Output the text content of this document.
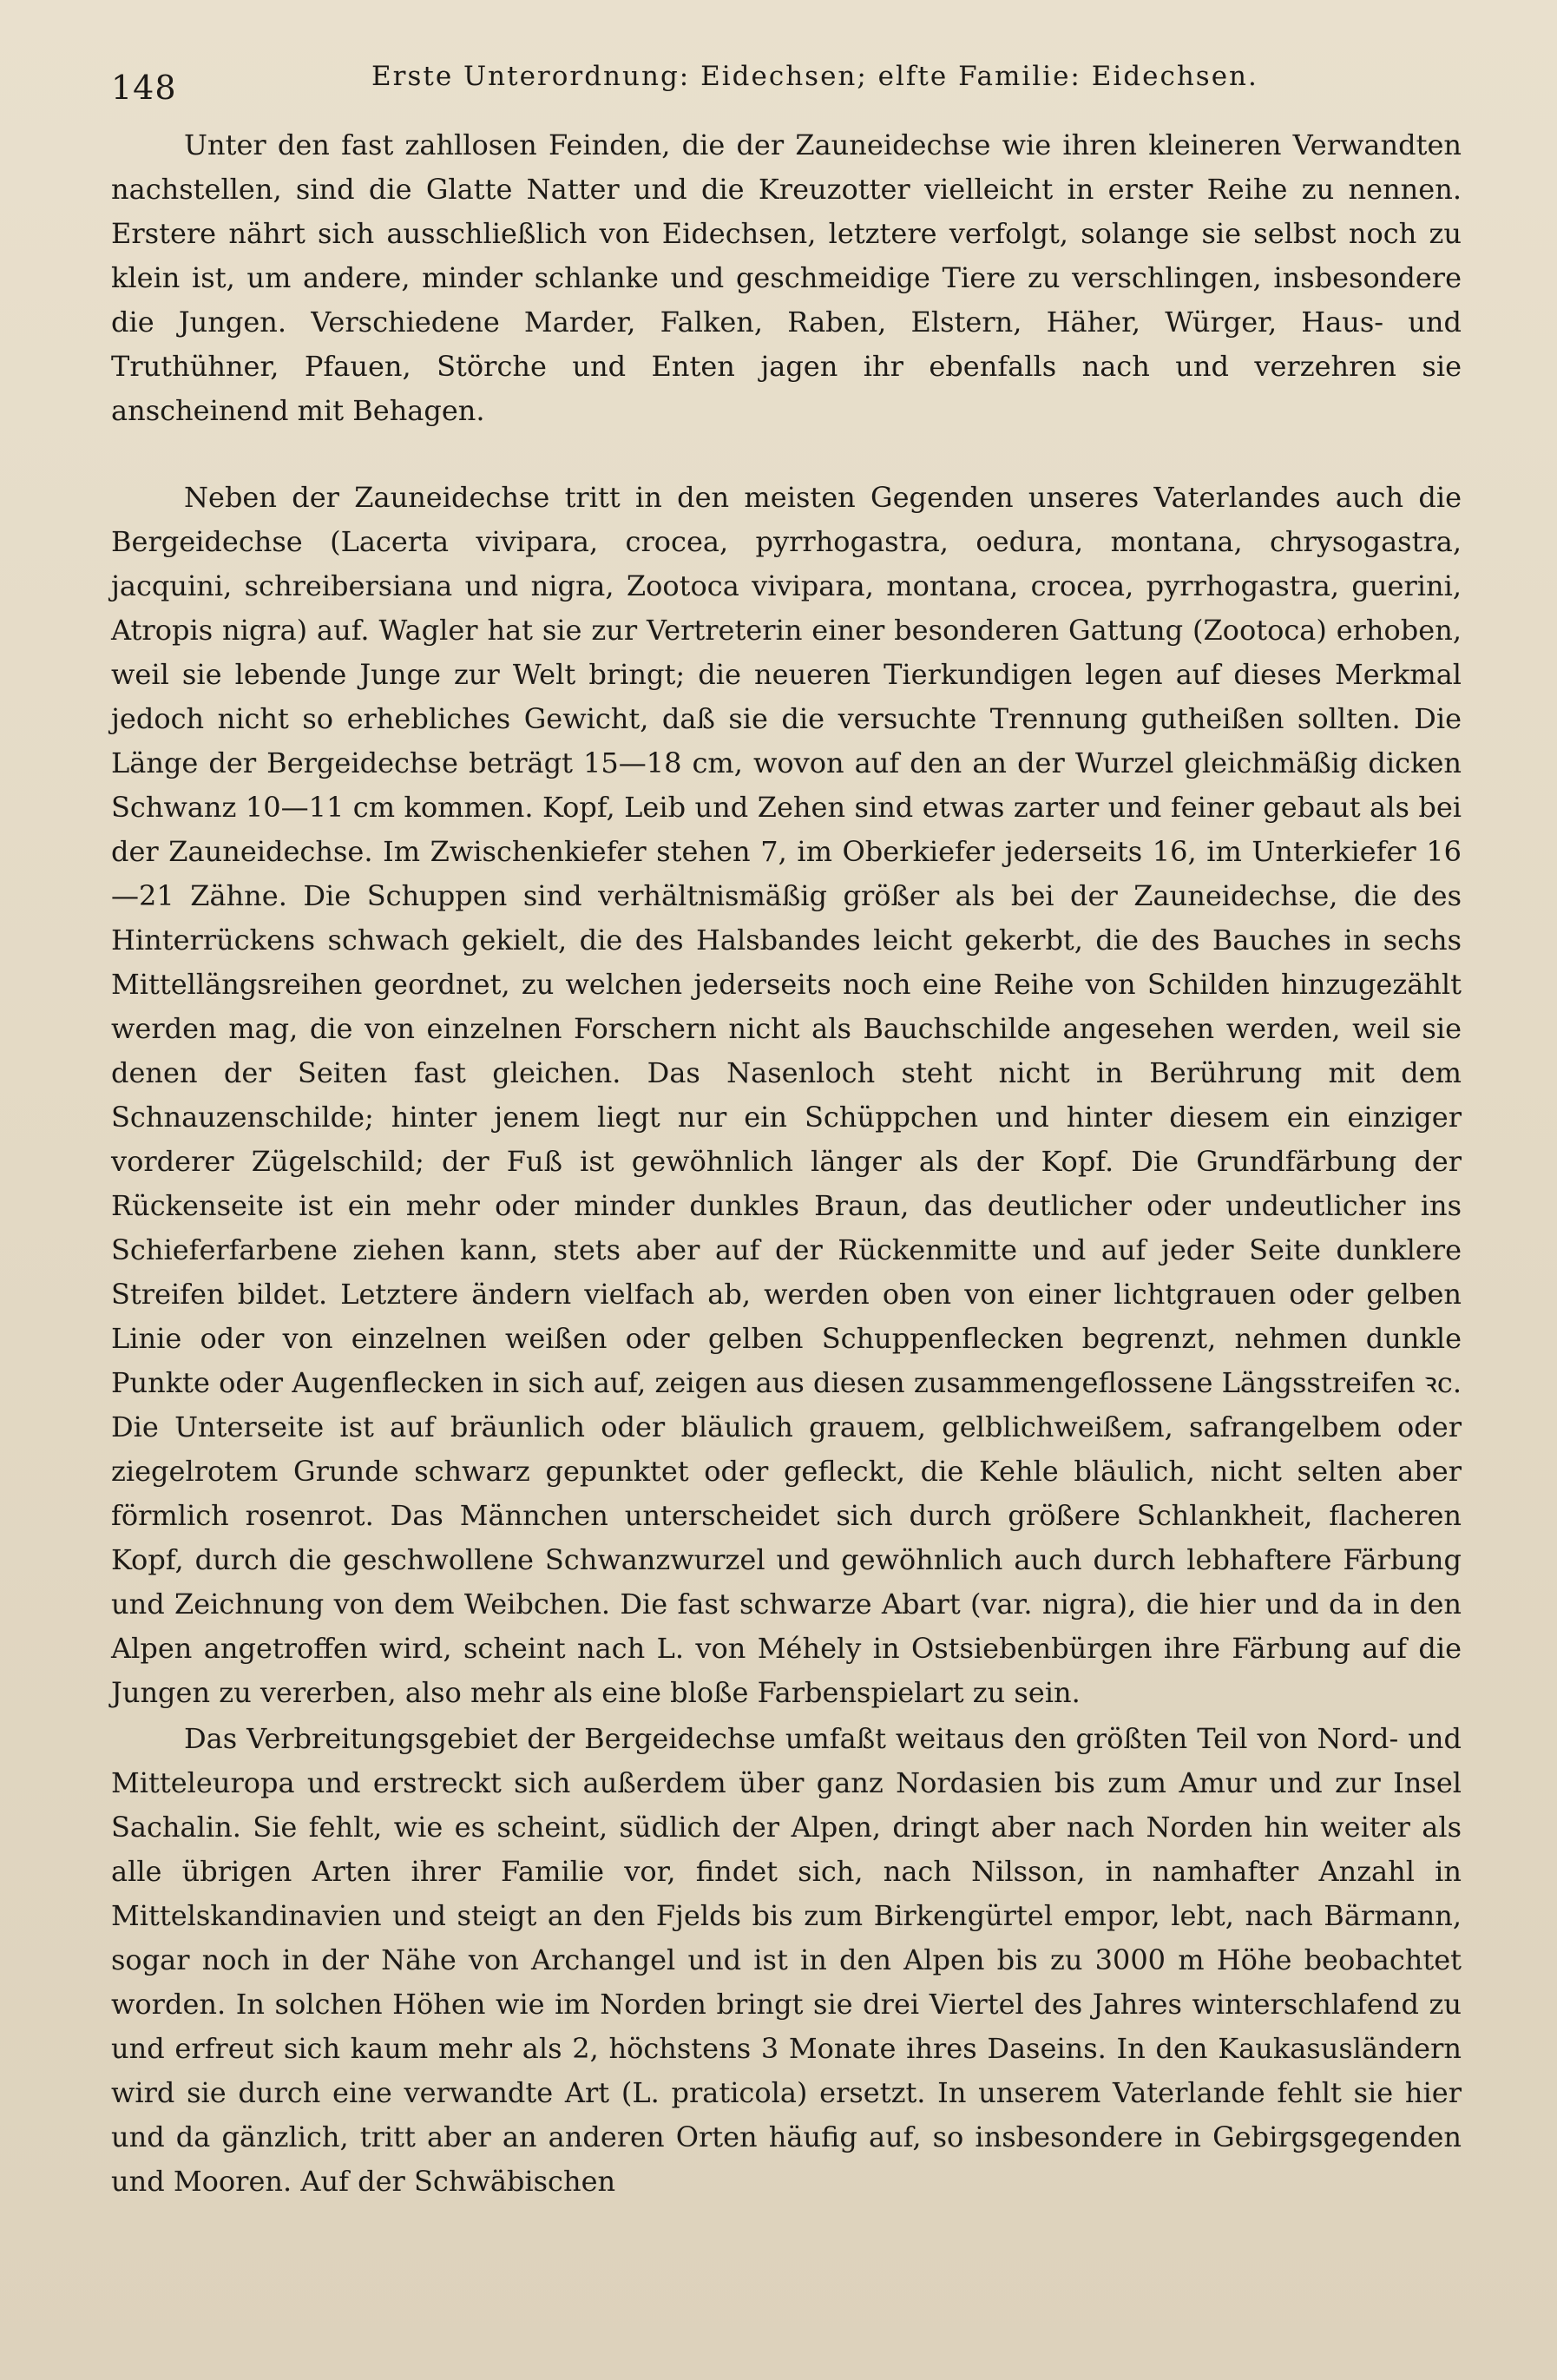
148	Erste Unterordnung: Eidechsen; elfte Familie: Eidechsen.

Unter den fast zahllosen Feinden, die der Zauneidechse wie ihren kleineren Verwandten nachstellen, sind die Glatte Natter und die Kreuzotter vielleicht in erster Reihe zu nennen. Erstere nährt sich ausschließlich von Eidechsen, letztere verfolgt, solange sie selbst noch zu klein ist, um andere, minder schlanke und geschmeidige Tiere zu verschlingen, insbesondere die Jungen. Verschiedene Marder, Falken, Raben, Elstern, Häher, Würger, Haus- und Truthühner, Pfauen, Störche und Enten jagen ihr ebenfalls nach und verzehren sie anscheinend mit Behagen.

Neben der Zauneidechse tritt in den meisten Gegenden unseres Vaterlandes auch die Bergeidechse (Lacerta vivipara, crocea, pyrrhogastra, oedura, montana, chrysogastra, jacquini, schreibersiana und nigra, Zootoca vivipara, montana, crocea, pyrrhogastra, guerini, Atropis nigra) auf. Wagler hat sie zur Vertreterin einer besonderen Gattung (Zootoca) erhoben, weil sie lebende Junge zur Welt bringt; die neueren Tierkundigen legen auf dieses Merkmal jedoch nicht so erhebliches Gewicht, daß sie die versuchte Trennung gutheißen sollten. Die Länge der Bergeidechse beträgt 15—18 cm, wovon auf den an der Wurzel gleichmäßig dicken Schwanz 10—11 cm kommen. Kopf, Leib und Zehen sind etwas zarter und feiner gebaut als bei der Zauneidechse. Im Zwischenkiefer stehen 7, im Oberkiefer jederseits 16, im Unterkiefer 16—21 Zähne. Die Schuppen sind verhältnismäßig größer als bei der Zauneidechse, die des Hinterrückens schwach gekielt, die des Halsbandes leicht gekerbt, die des Bauches in sechs Mittellängsreihen geordnet, zu welchen jederseits noch eine Reihe von Schilden hinzugezählt werden mag, die von einzelnen Forschern nicht als Bauchschilde angesehen werden, weil sie denen der Seiten fast gleichen. Das Nasenloch steht nicht in Berührung mit dem Schnauzenschilde; hinter jenem liegt nur ein Schüppchen und hinter diesem ein einziger vorderer Zügelschild; der Fuß ist gewöhnlich länger als der Kopf. Die Grundfärbung der Rückenseite ist ein mehr oder minder dunkles Braun, das deutlicher oder undeutlicher ins Schieferfarbene ziehen kann, stets aber auf der Rückenmitte und auf jeder Seite dunklere Streifen bildet. Letztere ändern vielfach ab, werden oben von einer lichtgrauen oder gelben Linie oder von einzelnen weißen oder gelben Schuppenflecken begrenzt, nehmen dunkle Punkte oder Augenflecken in sich auf, zeigen aus diesen zusammengeflossene Längsstreifen ꝛc. Die Unterseite ist auf bräunlich oder bläulich grauem, gelblichweißem, safrangelbem oder ziegelrotem Grunde schwarz gepunktet oder gefleckt, die Kehle bläulich, nicht selten aber förmlich rosenrot. Das Männchen unterscheidet sich durch größere Schlankheit, flacheren Kopf, durch die geschwollene Schwanzwurzel und gewöhnlich auch durch lebhaftere Färbung und Zeichnung von dem Weibchen. Die fast schwarze Abart (var. nigra), die hier und da in den Alpen angetroffen wird, scheint nach L. von Méhely in Ostsiebenbürgen ihre Färbung auf die Jungen zu vererben, also mehr als eine bloße Farbenspielart zu sein.

Das Verbreitungsgebiet der Bergeidechse umfaßt weitaus den größten Teil von Nord- und Mitteleuropa und erstreckt sich außerdem über ganz Nordasien bis zum Amur und zur Insel Sachalin. Sie fehlt, wie es scheint, südlich der Alpen, dringt aber nach Norden hin weiter als alle übrigen Arten ihrer Familie vor, findet sich, nach Nilsson, in namhafter Anzahl in Mittelskandinavien und steigt an den Fjelds bis zum Birkengürtel empor, lebt, nach Bärmann, sogar noch in der Nähe von Archangel und ist in den Alpen bis zu 3000 m Höhe beobachtet worden. In solchen Höhen wie im Norden bringt sie drei Viertel des Jahres winterschlafend zu und erfreut sich kaum mehr als 2, höchstens 3 Monate ihres Daseins. In den Kaukasusländern wird sie durch eine verwandte Art (L. praticola) ersetzt. In unserem Vaterlande fehlt sie hier und da gänzlich, tritt aber an anderen Orten häufig auf, so insbesondere in Gebirgsgegenden und Mooren. Auf der Schwäbischen
